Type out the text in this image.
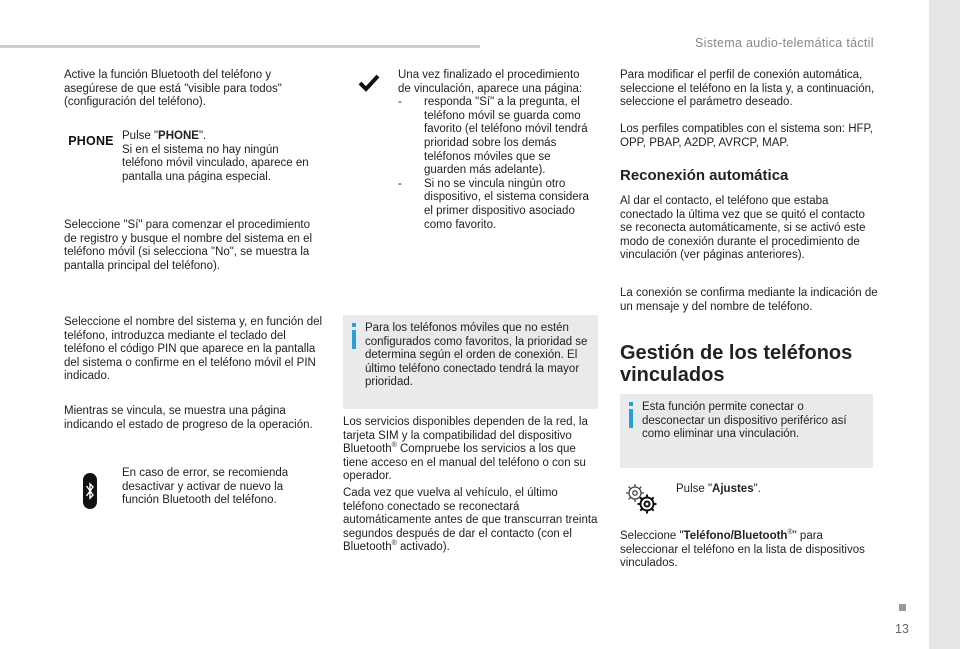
Sistema audio-telemática táctil

Active la función Bluetooth del teléfono y asegúrese de que está "visible para todos" (configuración del teléfono).

PHONE Pulse "PHONE".
Si en el sistema no hay ningún teléfono móvil vinculado, aparece en pantalla una página especial.

Seleccione "Sí" para comenzar el procedimiento de registro y busque el nombre del sistema en el teléfono móvil (si selecciona "No", se muestra la pantalla principal del teléfono).

Seleccione el nombre del sistema y, en función del teléfono, introduzca mediante el teclado del teléfono el código PIN que aparece en la pantalla del sistema o confirme en el teléfono móvil el PIN indicado.

Mientras se vincula, se muestra una página indicando el estado de progreso de la operación.

En caso de error, se recomienda desactivar y activar de nuevo la función Bluetooth del teléfono.

Una vez finalizado el procedimiento de vinculación, aparece una página:
- responda "Sí" a la pregunta, el teléfono móvil se guarda como favorito (el teléfono móvil tendrá prioridad sobre los demás teléfonos móviles que se guarden más adelante).
- Si no se vincula ningún otro dispositivo, el sistema considera el primer dispositivo asociado como favorito.
Para los teléfonos móviles que no estén configurados como favoritos, la prioridad se determina según el orden de conexión. El último teléfono conectado tendrá la mayor prioridad.

Los servicios disponibles dependen de la red, la tarjeta SIM y la compatibilidad del dispositivo Bluetooth® Compruebe los servicios a los que tiene acceso en el manual del teléfono o con su operador.

Cada vez que vuelva al vehículo, el último teléfono conectado se reconectará automáticamente antes de que transcurran treinta segundos después de dar el contacto (con el Bluetooth® activado).

Para modificar el perfil de conexión automática, seleccione el teléfono en la lista y, a continuación, seleccione el parámetro deseado.

Los perfiles compatibles con el sistema son: HFP, OPP, PBAP, A2DP, AVRCP, MAP.

Reconexión automática

Al dar el contacto, el teléfono que estaba conectado la última vez que se quitó el contacto se reconecta automáticamente, si se activó este modo de conexión durante el procedimiento de vinculación (ver páginas anteriores).

La conexión se confirma mediante la indicación de un mensaje y del nombre de teléfono.

Gestión de los teléfonos
vinculados
Esta función permite conectar o desconectar un dispositivo periférico así como eliminar una vinculación.

Pulse "Ajustes".

Seleccione "Teléfono/Bluetooth®" para seleccionar el teléfono en la lista de dispositivos vinculados.

13
